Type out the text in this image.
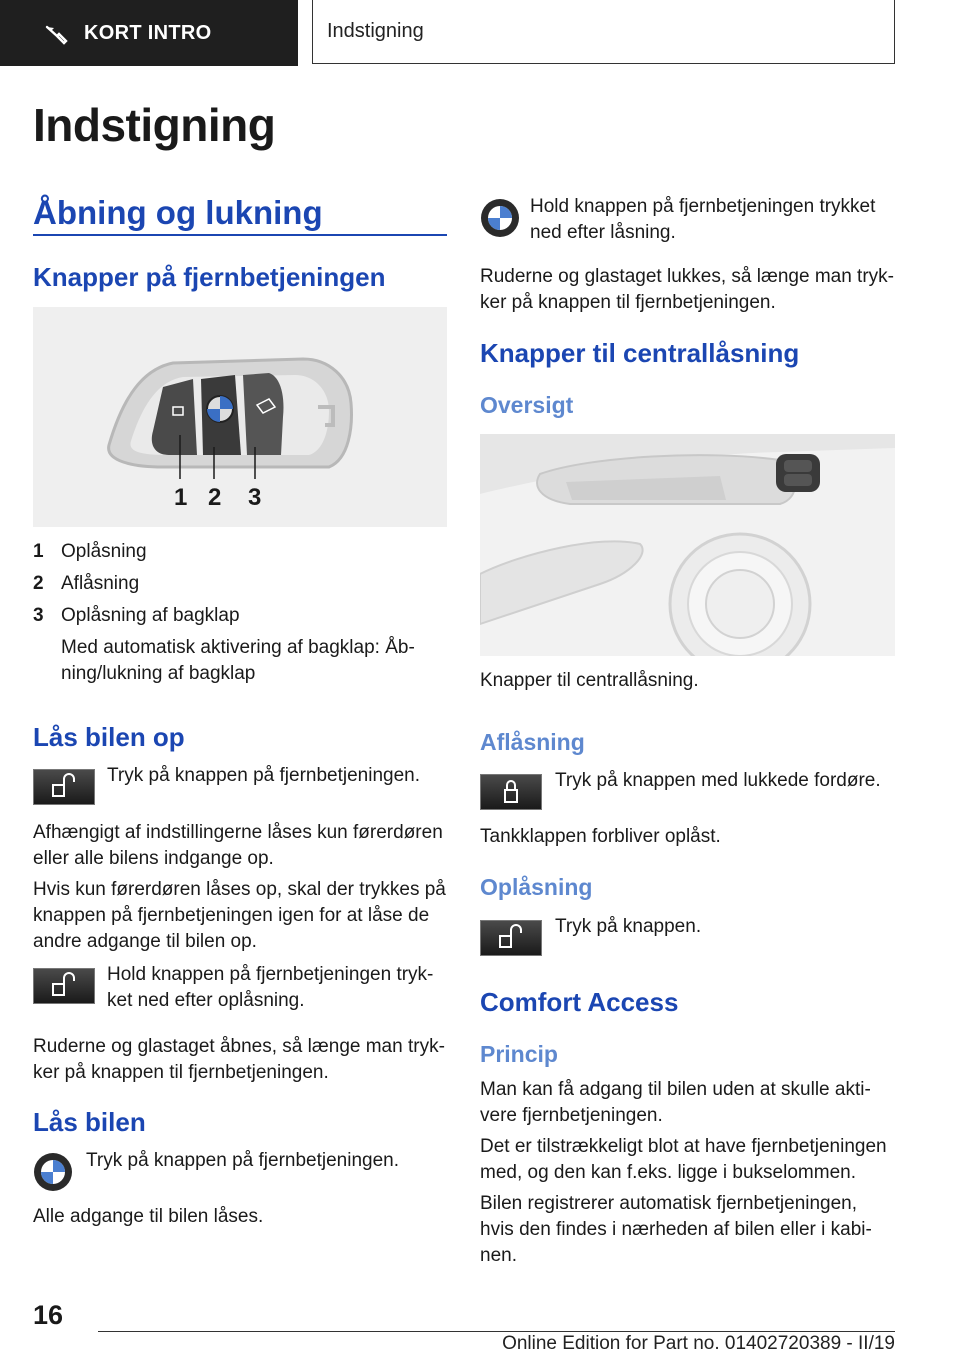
KORT INTRO	Indstigning
Indstigning
Åbning og lukning
Knapper på fjernbetjeningen
1 2 3
1 Oplåsning
2 Aflåsning
3 Oplåsning af bagklap
Med automatisk aktivering af bagklap: Åb-
ning/lukning af bagklap
Lås bilen op
Tryk på knappen på fjernbetjeningen.
Afhængigt af indstillingerne låses kun førerdøren
eller alle bilens indgange op.
Hvis kun førerdøren låses op, skal der trykkes på
knappen på fjernbetjeningen igen for at låse de
andre adgange til bilen op.
Hold knappen på fjernbetjeningen tryk-
ket ned efter oplåsning.
Ruderne og glastaget åbnes, så længe man tryk-
ker på knappen til fjernbetjeningen.
Lås bilen
Tryk på knappen på fjernbetjeningen.
Alle adgange til bilen låses.
Hold knappen på fjernbetjeningen trykket
ned efter låsning.
Ruderne og glastaget lukkes, så længe man tryk-
ker på knappen til fjernbetjeningen.
Knapper til centrallåsning
Oversigt
Knapper til centrallåsning.
Aflåsning
Tryk på knappen med lukkede fordøre.
Tankklappen forbliver oplåst.
Oplåsning
Tryk på knappen.
Comfort Access
Princip
Man kan få adgang til bilen uden at skulle akti-
vere fjernbetjeningen.
Det er tilstrækkeligt blot at have fjernbetjeningen
med, og den kan f.eks. ligge i bukselommen.
Bilen registrerer automatisk fjernbetjeningen,
hvis den findes i nærheden af bilen eller i kabi-
nen.
16
Online Edition for Part no. 01402720389 - II/19
